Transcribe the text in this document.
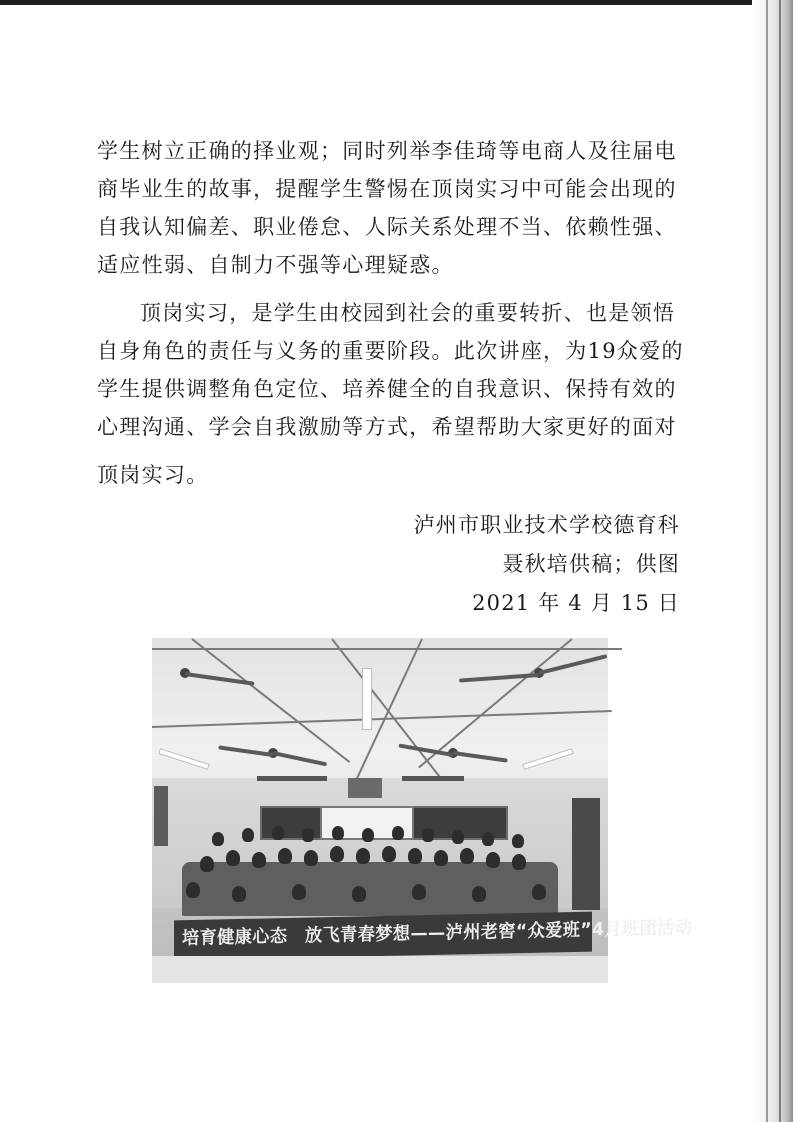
学生树立正确的择业观；同时列举李佳琦等电商人及往届电
商毕业生的故事，提醒学生警惕在顶岗实习中可能会出现的
自我认知偏差、职业倦怠、人际关系处理不当、依赖性强、
适应性弱、自制力不强等心理疑惑。
顶岗实习，是学生由校园到社会的重要转折、也是领悟
自身角色的责任与义务的重要阶段。此次讲座，为19众爱的
学生提供调整角色定位、培养健全的自我意识、保持有效的
心理沟通、学会自我激励等方式，希望帮助大家更好的面对
顶岗实习。
泸州市职业技术学校德育科
聂秋培供稿；供图
2021 年 4 月 15 日
培育健康心态　放飞青春梦想——泸州老窖“众爱班”4月班团活动
